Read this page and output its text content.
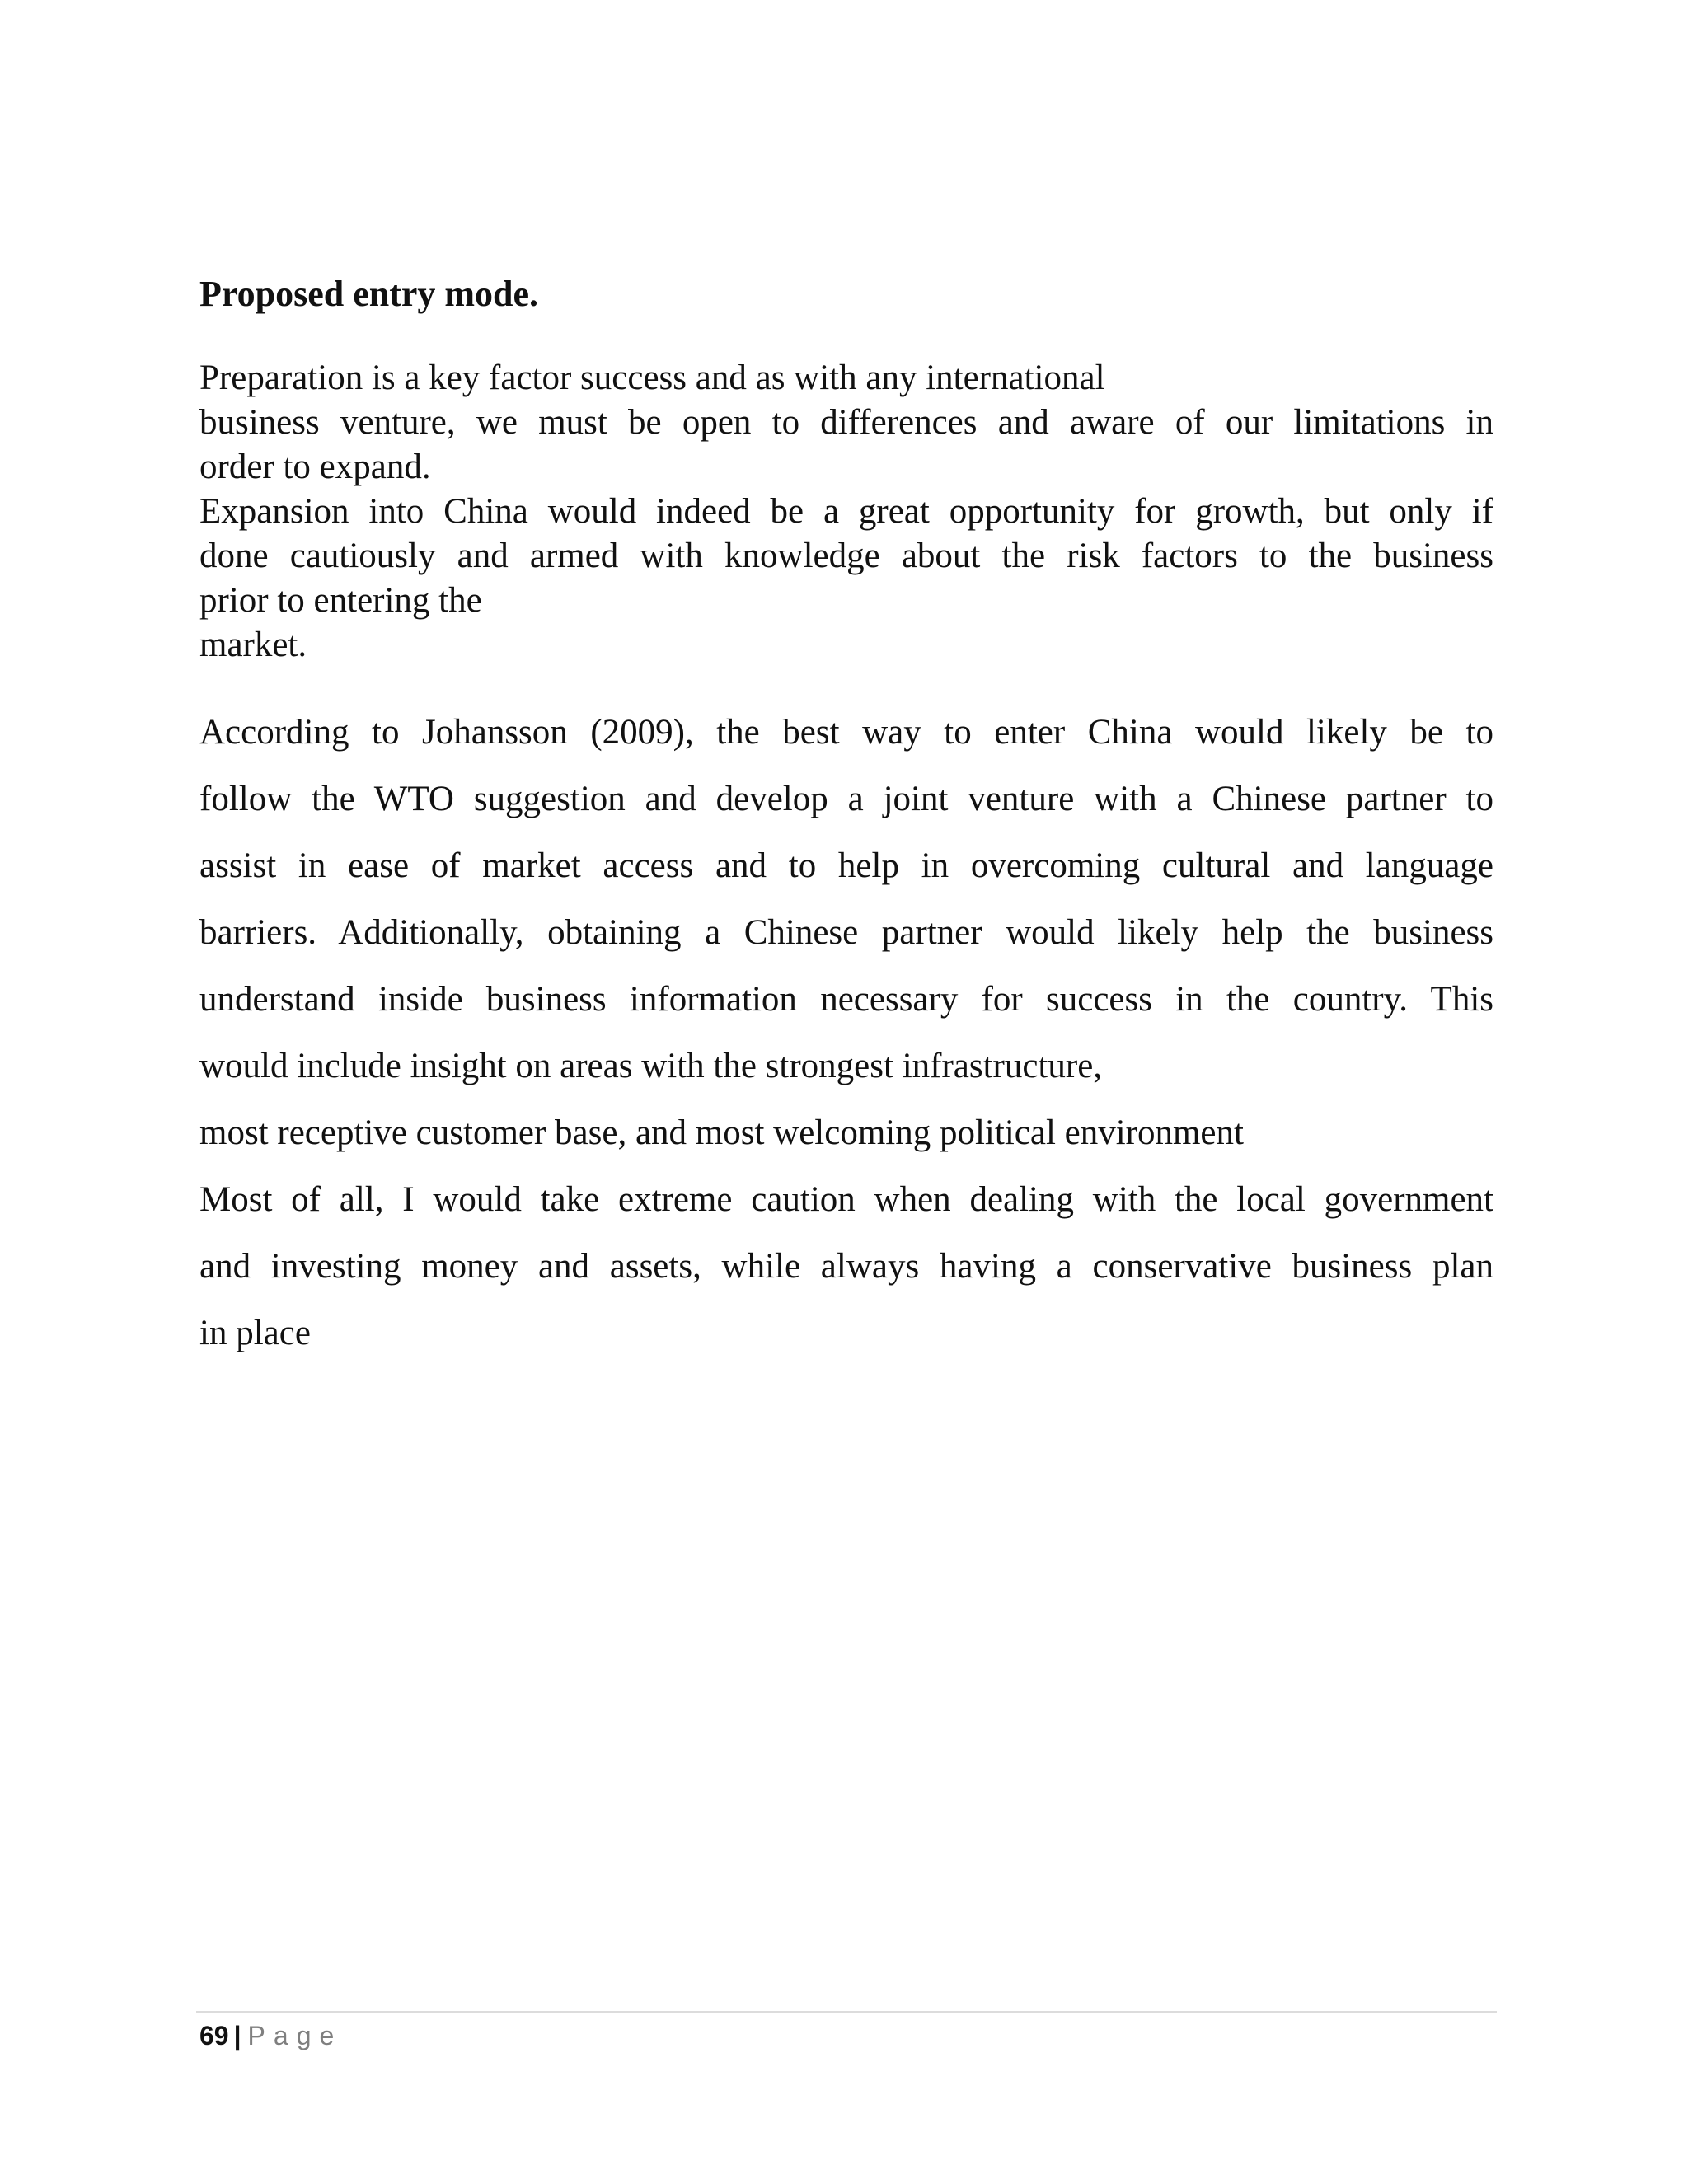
Proposed entry mode.
Preparation is a key factor success and as with any international
business venture, we must be open to differences and aware of our limitations in
order to expand.
Expansion into China would indeed be a great opportunity for growth, but only if
done cautiously and armed with knowledge about the risk factors to the business
prior to entering the
market.
According to Johansson (2009), the best way to enter China would likely be to
follow the WTO suggestion and develop a joint venture with a Chinese partner to
assist in ease of market access and to help in overcoming cultural and language
barriers. Additionally, obtaining a Chinese partner would likely help the business
understand inside business information necessary for success in the country. This
would include insight on areas with the strongest infrastructure,
most receptive customer base, and most welcoming political environment
Most of all, I would take extreme caution when dealing with the local government
and investing money and assets, while always having a conservative business plan
in place
69 | Page
